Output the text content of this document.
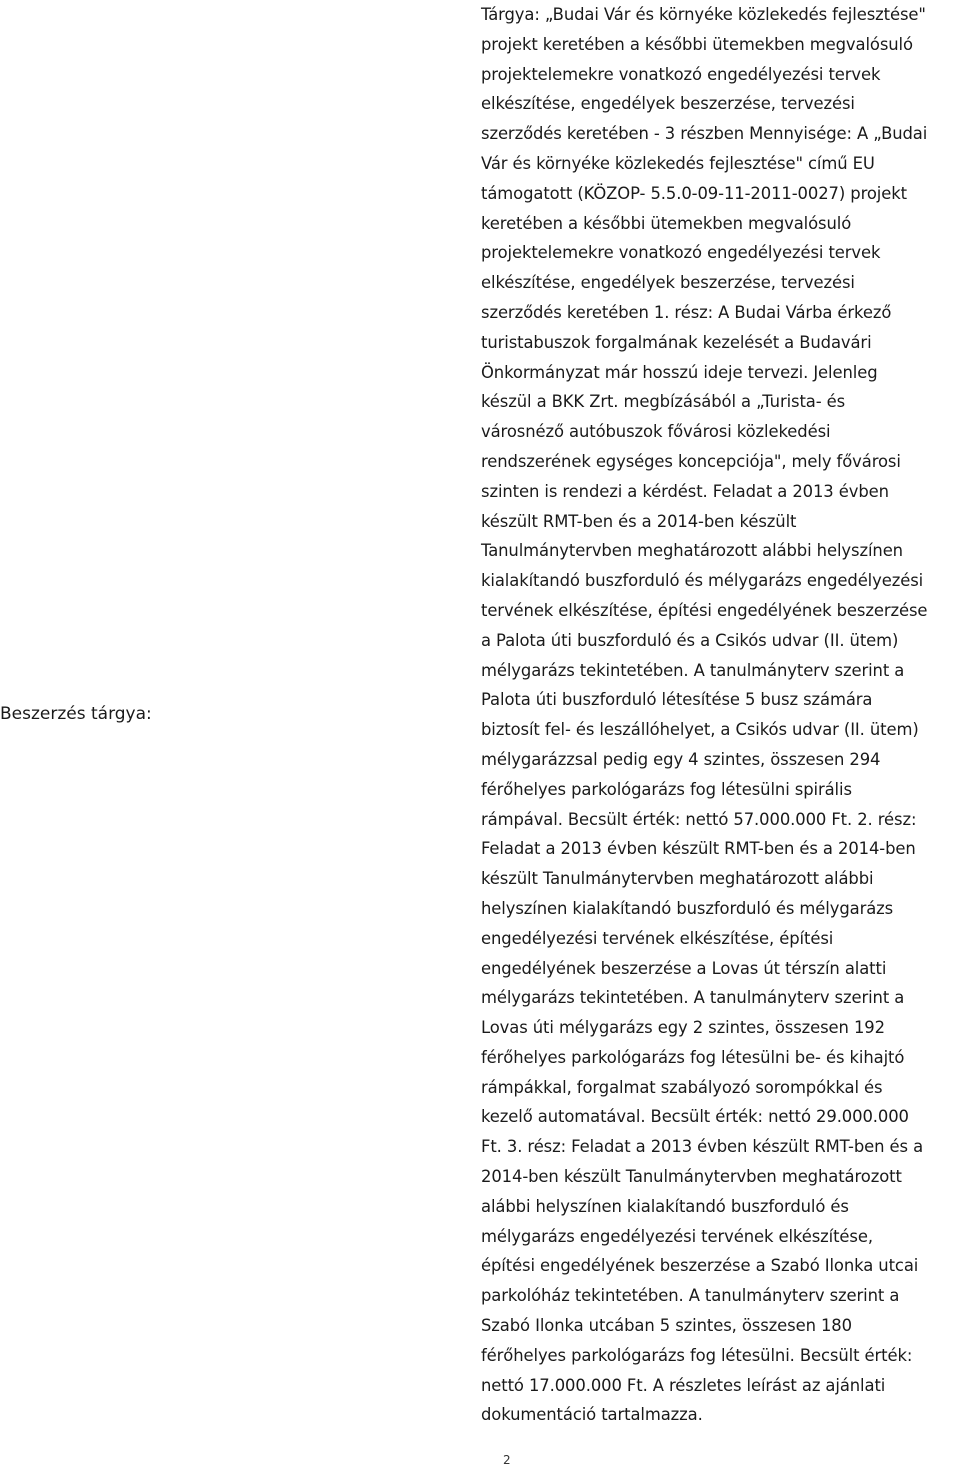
Beszerzés tárgya:
Tárgya: „Budai Vár és környéke közlekedés fejlesztése"
projekt keretében a későbbi ütemekben megvalósuló
projektelemekre vonatkozó engedélyezési tervek
elkészítése, engedélyek beszerzése, tervezési
szerződés keretében - 3 részben Mennyisége: A „Budai
Vár és környéke közlekedés fejlesztése" című EU
támogatott (KÖZOP- 5.5.0-09-11-2011-0027) projekt
keretében a későbbi ütemekben megvalósuló
projektelemekre vonatkozó engedélyezési tervek
elkészítése, engedélyek beszerzése, tervezési
szerződés keretében 1. rész: A Budai Várba érkező
turistabuszok forgalmának kezelését a Budavári
Önkormányzat már hosszú ideje tervezi. Jelenleg
készül a BKK Zrt. megbízásából a „Turista- és
városnéző autóbuszok fővárosi közlekedési
rendszerének egységes koncepciója", mely fővárosi
szinten is rendezi a kérdést. Feladat a 2013 évben
készült RMT-ben és a 2014-ben készült
Tanulmánytervben meghatározott alábbi helyszínen
kialakítandó buszforduló és mélygarázs engedélyezési
tervének elkészítése, építési engedélyének beszerzése
a Palota úti buszforduló és a Csikós udvar (II. ütem)
mélygarázs tekintetében. A tanulmányterv szerint a
Palota úti buszforduló létesítése 5 busz számára
biztosít fel- és leszállóhelyet, a Csikós udvar (II. ütem)
mélygarázzsal pedig egy 4 szintes, összesen 294
férőhelyes parkológarázs fog létesülni spirális
rámpával. Becsült érték: nettó 57.000.000 Ft. 2. rész:
Feladat a 2013 évben készült RMT-ben és a 2014-ben
készült Tanulmánytervben meghatározott alábbi
helyszínen kialakítandó buszforduló és mélygarázs
engedélyezési tervének elkészítése, építési
engedélyének beszerzése a Lovas út térszín alatti
mélygarázs tekintetében. A tanulmányterv szerint a
Lovas úti mélygarázs egy 2 szintes, összesen 192
férőhelyes parkológarázs fog létesülni be- és kihajtó
rámpákkal, forgalmat szabályozó sorompókkal és
kezelő automatával. Becsült érték: nettó 29.000.000
Ft. 3. rész: Feladat a 2013 évben készült RMT-ben és a
2014-ben készült Tanulmánytervben meghatározott
alábbi helyszínen kialakítandó buszforduló és
mélygarázs engedélyezési tervének elkészítése,
építési engedélyének beszerzése a Szabó Ilonka utcai
parkolóház tekintetében. A tanulmányterv szerint a
Szabó Ilonka utcában 5 szintes, összesen 180
férőhelyes parkológarázs fog létesülni. Becsült érték:
nettó 17.000.000 Ft. A részletes leírást az ajánlati
dokumentáció tartalmazza.
2
